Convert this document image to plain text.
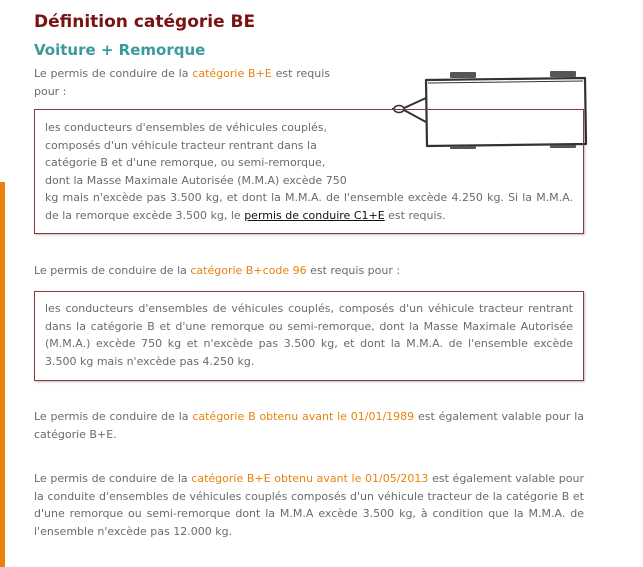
Définition catégorie BE
Voiture + Remorque

Le permis de conduire de la catégorie B+E est requis pour :

les conducteurs d'ensembles de véhicules couplés,
composés d'un véhicule tracteur rentrant dans la
catégorie B et d'une remorque, ou semi-remorque,
dont la Masse Maximale Autorisée (M.M.A) excède 750
kg mais n'excède pas 3.500 kg, et dont la M.M.A. de l'ensemble excède 4.250 kg. Si la M.M.A. de la remorque excède 3.500 kg, le permis de conduire C1+E est requis.

Le permis de conduire de la catégorie B+code 96 est requis pour :

les conducteurs d'ensembles de véhicules couplés, composés d'un véhicule tracteur rentrant dans la catégorie B et d'une remorque ou semi-remorque, dont la Masse Maximale Autorisée (M.M.A.) excède 750 kg et n'excède pas 3.500 kg, et dont la M.M.A. de l'ensemble excède 3.500 kg mais n'excède pas 4.250 kg.

Le permis de conduire de la catégorie B obtenu avant le 01/01/1989 est également valable pour la catégorie B+E.

Le permis de conduire de la catégorie B+E obtenu avant le 01/05/2013 est également valable pour la conduite d'ensembles de véhicules couplés composés d'un véhicule tracteur de la catégorie B et d'une remorque ou semi-remorque dont la M.M.A excède 3.500 kg, à condition que la M.M.A. de l'ensemble n'excède pas 12.000 kg.
